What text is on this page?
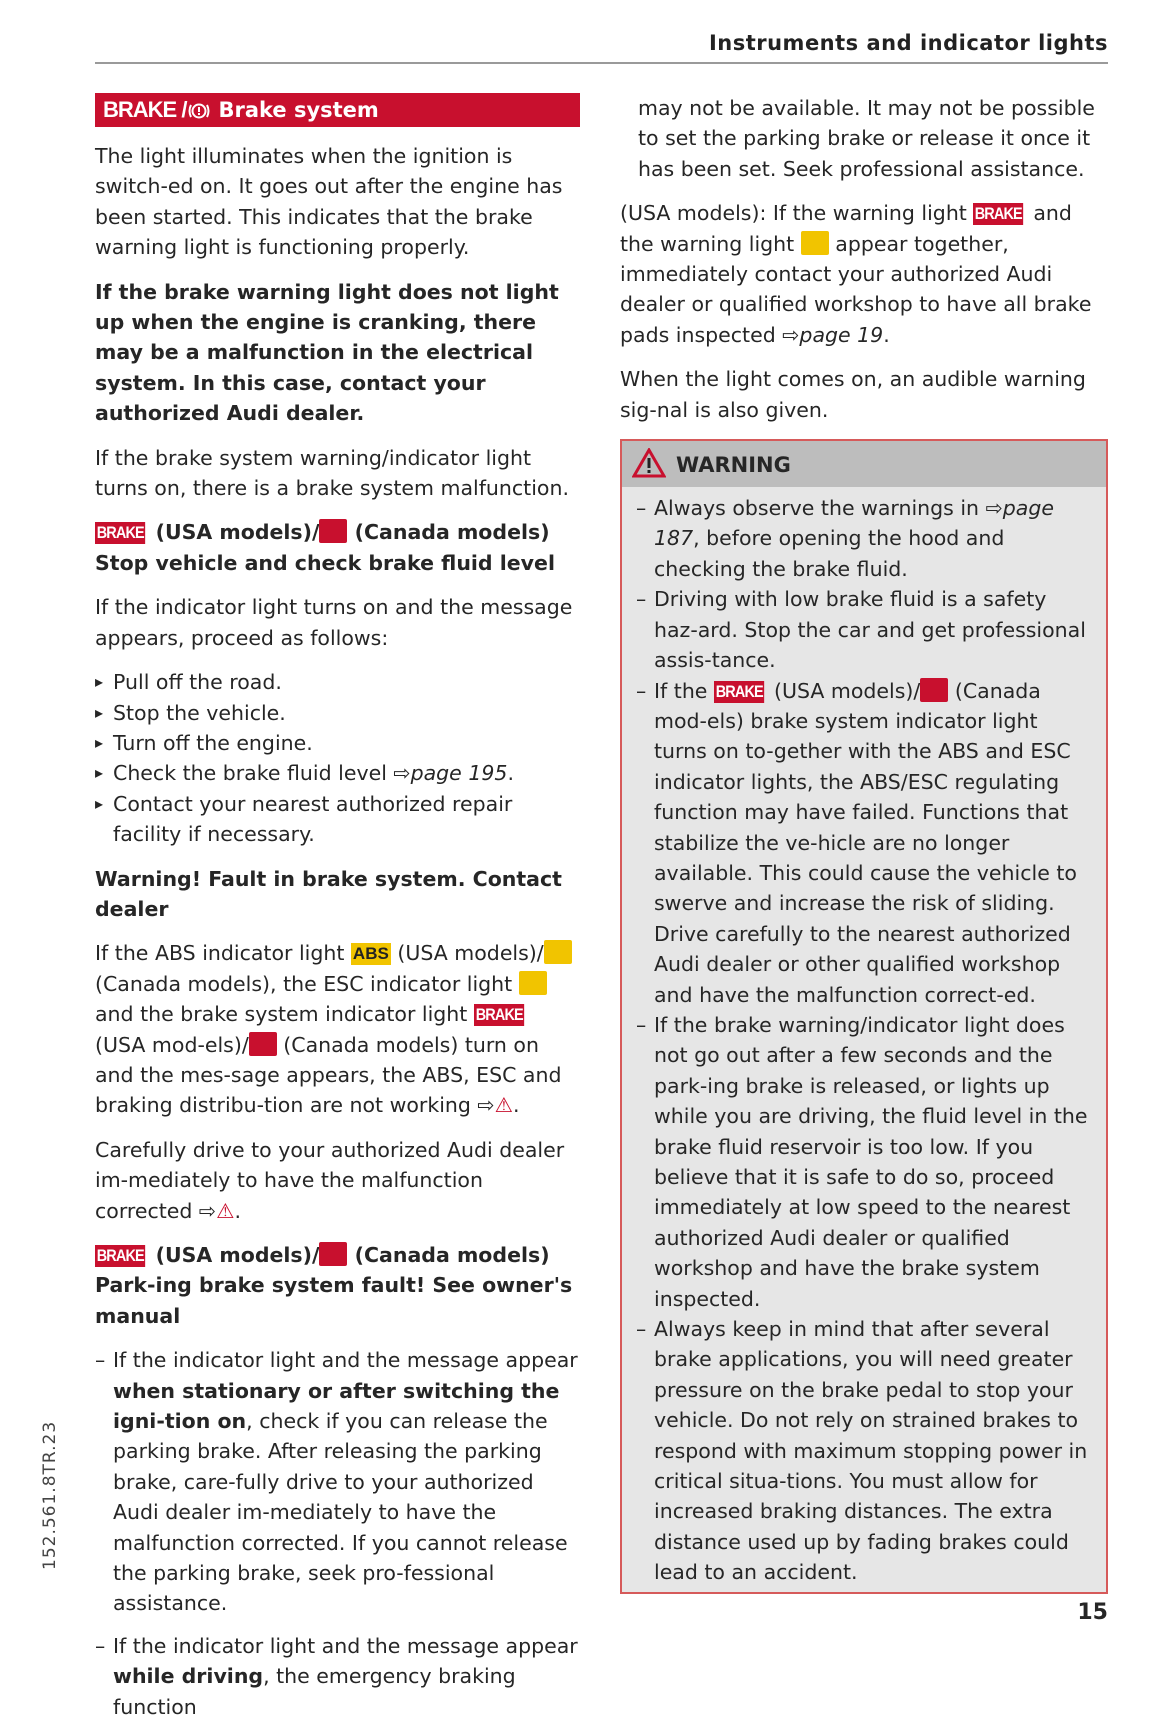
Instruments and indicator lights
BRAKE / Brake system

The light illuminates when the ignition is switch-ed on. It goes out after the engine has been started. This indicates that the brake warning light is functioning properly.

If the brake warning light does not light up when the engine is cranking, there may be a malfunction in the electrical system. In this case, contact your authorized Audi dealer.

If the brake system warning/indicator light turns on, there is a brake system malfunction.

BRAKE (USA models)/ (Canada models) Stop vehicle and check brake fluid level

If the indicator light turns on and the message appears, proceed as follows:

▸ Pull off the road.
▸ Stop the vehicle.
▸ Turn off the engine.
▸ Check the brake fluid level ⇨page 195.
▸ Contact your nearest authorized repair facility if necessary.

Warning! Fault in brake system. Contact dealer

If the ABS indicator light ABS (USA models)/ (Canada models), the ESC indicator light  and the brake system indicator light BRAKE (USA mod-els)/ (Canada models) turn on and the mes-sage appears, the ABS, ESC and braking distribu-tion are not working ⇨⚠.

Carefully drive to your authorized Audi dealer im-mediately to have the malfunction corrected ⇨⚠.

BRAKE (USA models)/ (Canada models) Park-ing brake system fault! See owner's manual

– If the indicator light and the message appear when stationary or after switching the igni-tion on, check if you can release the parking brake. After releasing the parking brake, care-fully drive to your authorized Audi dealer im-mediately to have the malfunction corrected. If you cannot release the parking brake, seek pro-fessional assistance.
– If the indicator light and the message appear while driving, the emergency braking function

may not be available. It may not be possible to set the parking brake or release it once it has been set. Seek professional assistance.

(USA models): If the warning light BRAKE and the warning light appear together, immediately contact your authorized Audi dealer or qualified workshop to have all brake pads inspected ⇨page 19.

When the light comes on, an audible warning sig-nal is also given.

WARNING
– Always observe the warnings in ⇨page 187, before opening the hood and checking the brake fluid.
– Driving with low brake fluid is a safety haz-ard. Stop the car and get professional assis-tance.
– If the BRAKE (USA models)/ (Canada mod-els) brake system indicator light turns on to-gether with the ABS and ESC indicator lights, the ABS/ESC regulating function may have failed. Functions that stabilize the ve-hicle are no longer available. This could cause the vehicle to swerve and increase the risk of sliding. Drive carefully to the nearest authorized Audi dealer or other qualified workshop and have the malfunction correct-ed.
– If the brake warning/indicator light does not go out after a few seconds and the park-ing brake is released, or lights up while you are driving, the fluid level in the brake fluid reservoir is too low. If you believe that it is safe to do so, proceed immediately at low speed to the nearest authorized Audi dealer or qualified workshop and have the brake system inspected.
– Always keep in mind that after several brake applications, you will need greater pressure on the brake pedal to stop your vehicle. Do not rely on strained brakes to respond with maximum stopping power in critical situa-tions. You must allow for increased braking distances. The extra distance used up by fading brakes could lead to an accident.
152.561.8TR.23
15
